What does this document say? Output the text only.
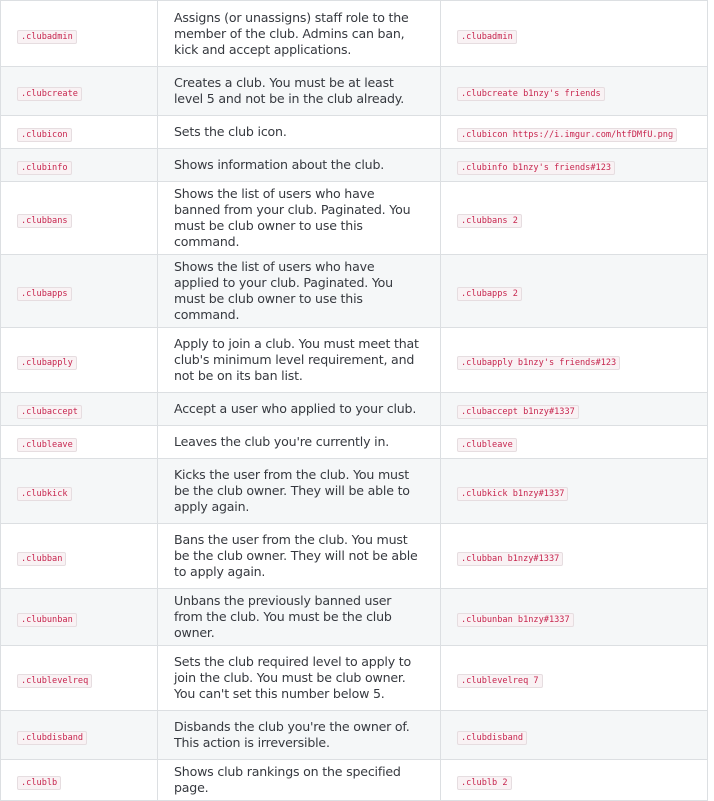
.clubadmin	Assigns (or unassigns) staff role to the member of the club. Admins can ban, kick and accept applications.	.clubadmin
.clubcreate	Creates a club. You must be at least level 5 and not be in the club already.	.clubcreate b1nzy's friends
.clubicon	Sets the club icon.	.clubicon https://i.imgur.com/htfDMfU.png
.clubinfo	Shows information about the club.	.clubinfo b1nzy's friends#123
.clubbans	Shows the list of users who have banned from your club. Paginated. You must be club owner to use this command.	.clubbans 2
.clubapps	Shows the list of users who have applied to your club. Paginated. You must be club owner to use this command.	.clubapps 2
.clubapply	Apply to join a club. You must meet that club's minimum level requirement, and not be on its ban list.	.clubapply b1nzy's friends#123
.clubaccept	Accept a user who applied to your club.	.clubaccept b1nzy#1337
.clubleave	Leaves the club you're currently in.	.clubleave
.clubkick	Kicks the user from the club. You must be the club owner. They will be able to apply again.	.clubkick b1nzy#1337
.clubban	Bans the user from the club. You must be the club owner. They will not be able to apply again.	.clubban b1nzy#1337
.clubunban	Unbans the previously banned user from the club. You must be the club owner.	.clubunban b1nzy#1337
.clublevelreq	Sets the club required level to apply to join the club. You must be club owner. You can't set this number below 5.	.clublevelreq 7
.clubdisband	Disbands the club you're the owner of. This action is irreversible.	.clubdisband
.clublb	Shows club rankings on the specified page.	.clublb 2
